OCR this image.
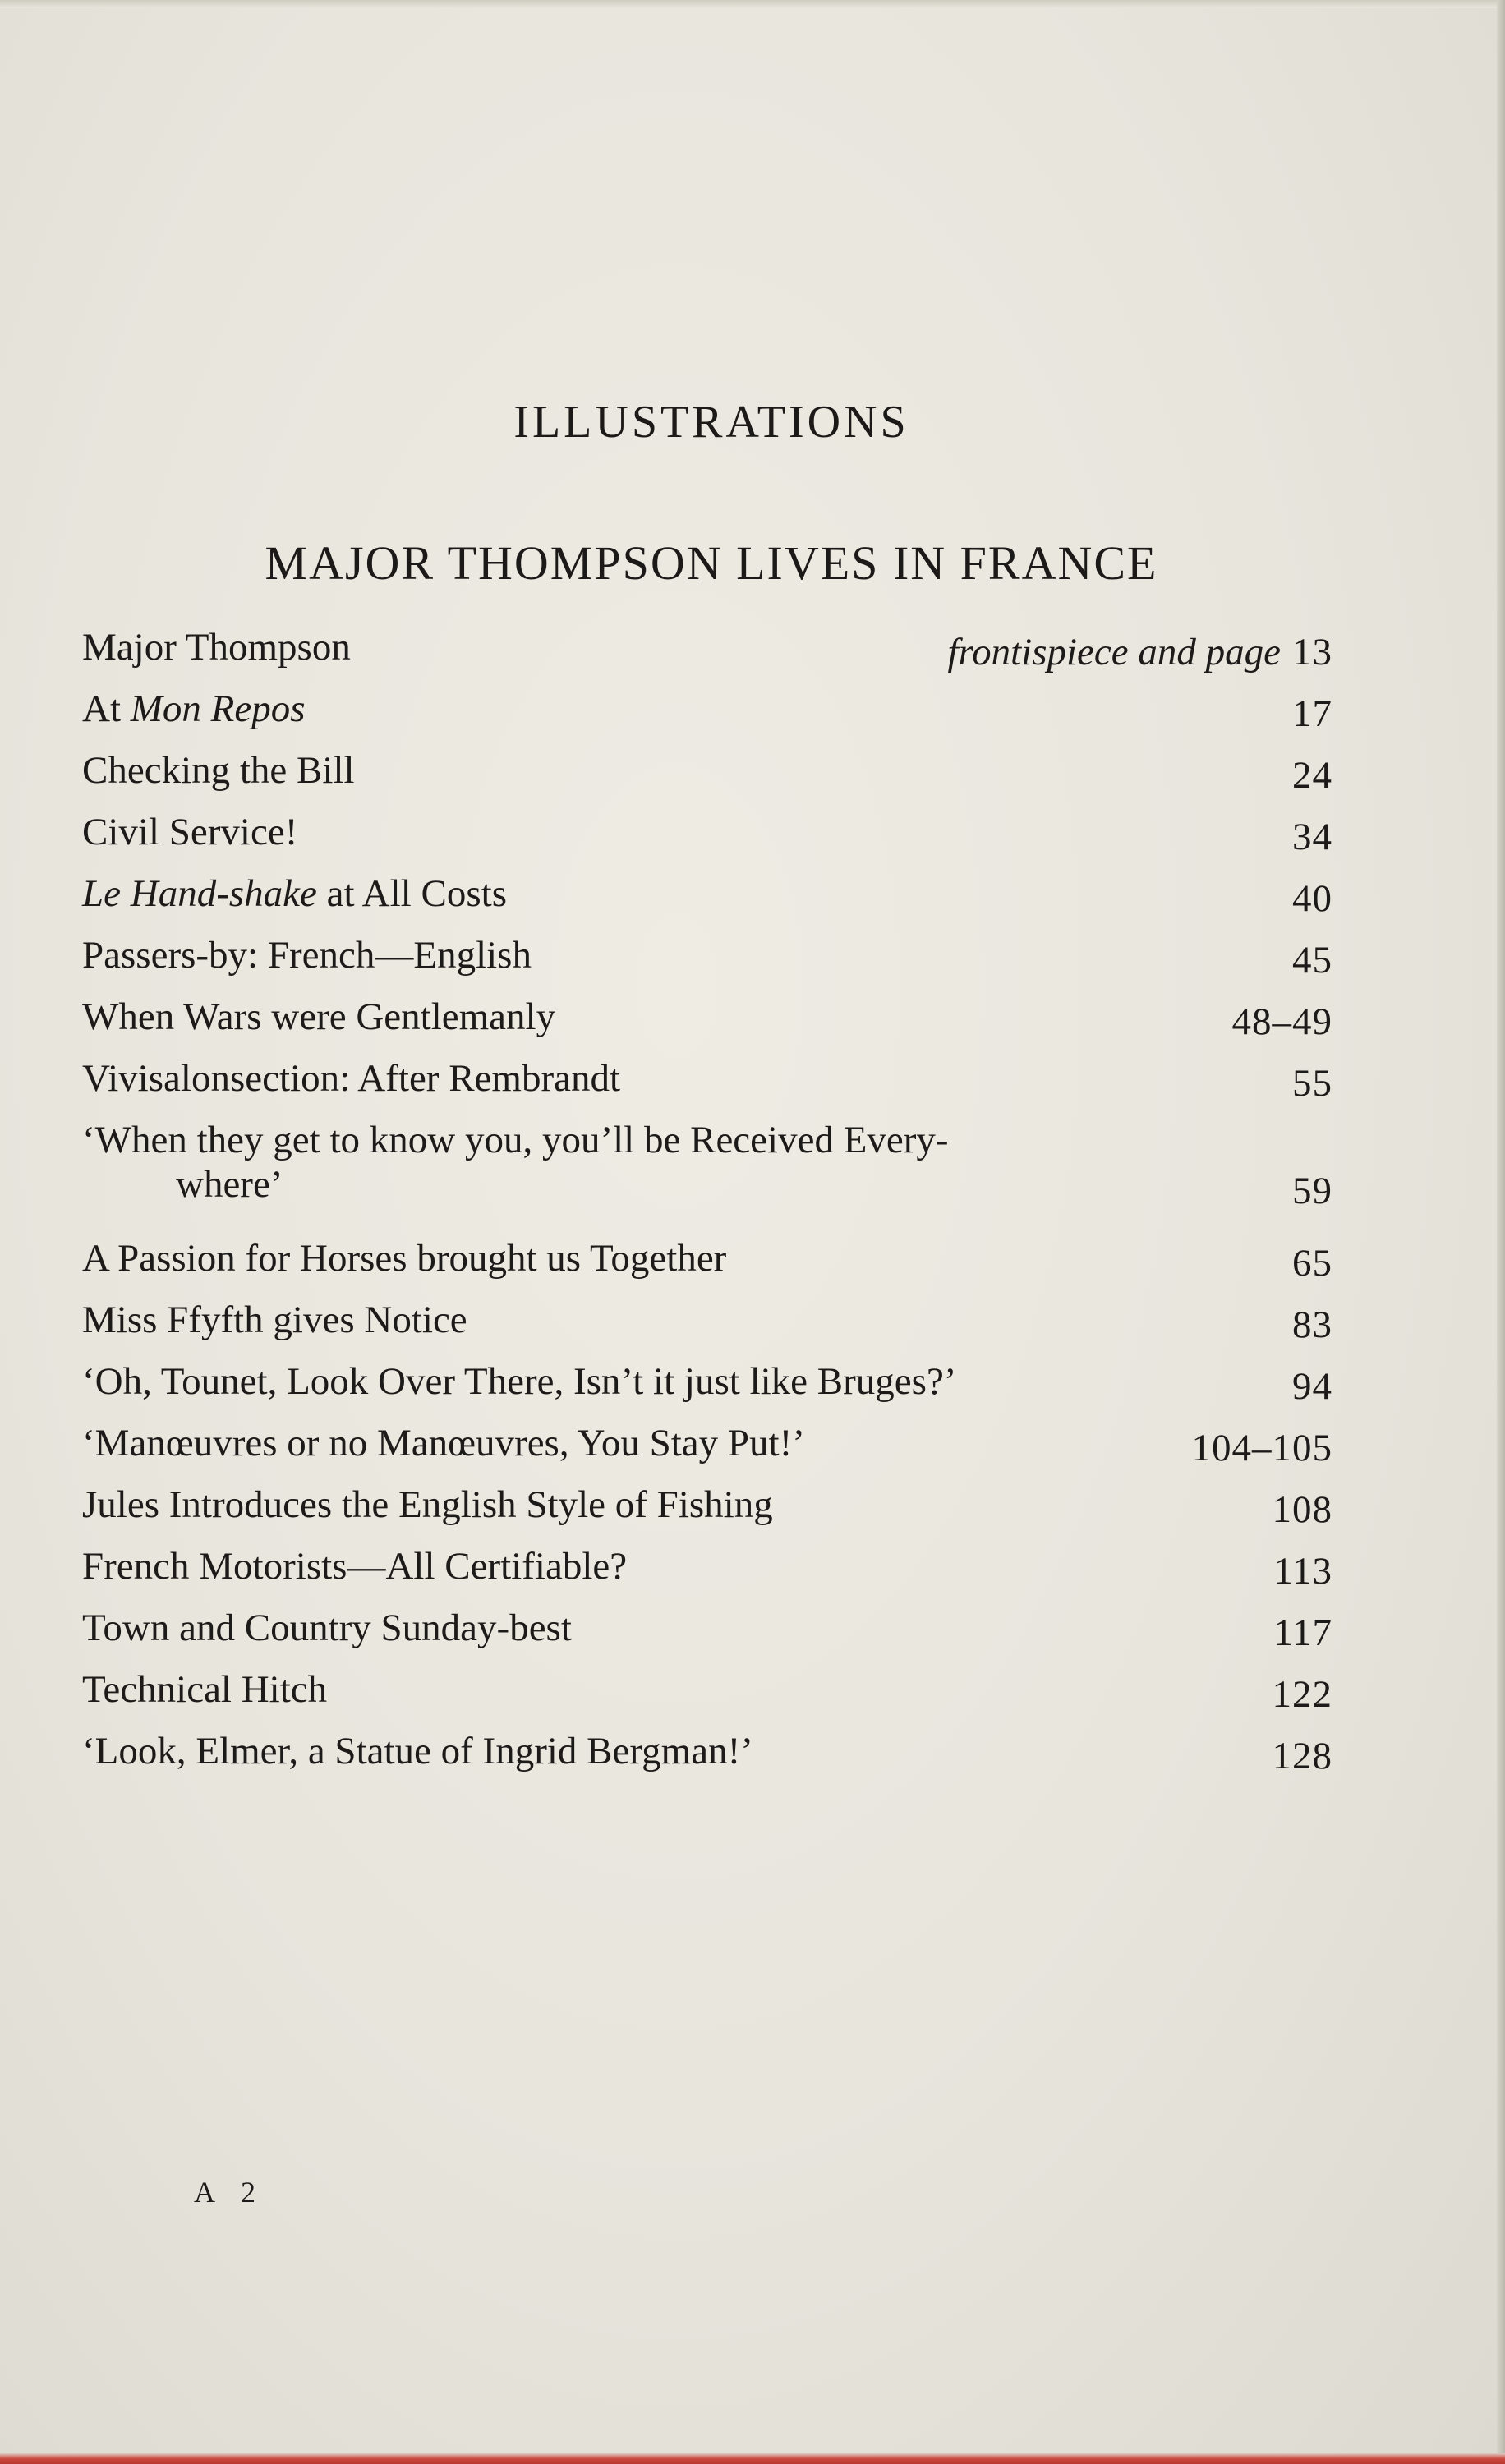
ILLUSTRATIONS
MAJOR THOMPSON LIVES IN FRANCE
Major Thompson	frontispiece and page 13
At Mon Repos	17
Checking the Bill	24
Civil Service!	34
Le Hand-shake at All Costs	40
Passers-by: French—English	45
When Wars were Gentlemanly	48–49
Vivisalonsection: After Rembrandt	55
‘When they get to know you, you’ll be Received Every-
where’	59
A Passion for Horses brought us Together	65
Miss Ffyfth gives Notice	83
‘Oh, Tounet, Look Over There, Isn’t it just like Bruges?’	94
‘Manœuvres or no Manœuvres, You Stay Put!’	104–105
Jules Introduces the English Style of Fishing	108
French Motorists—All Certifiable?	113
Town and Country Sunday-best	117
Technical Hitch	122
‘Look, Elmer, a Statue of Ingrid Bergman!’	128
A 2
